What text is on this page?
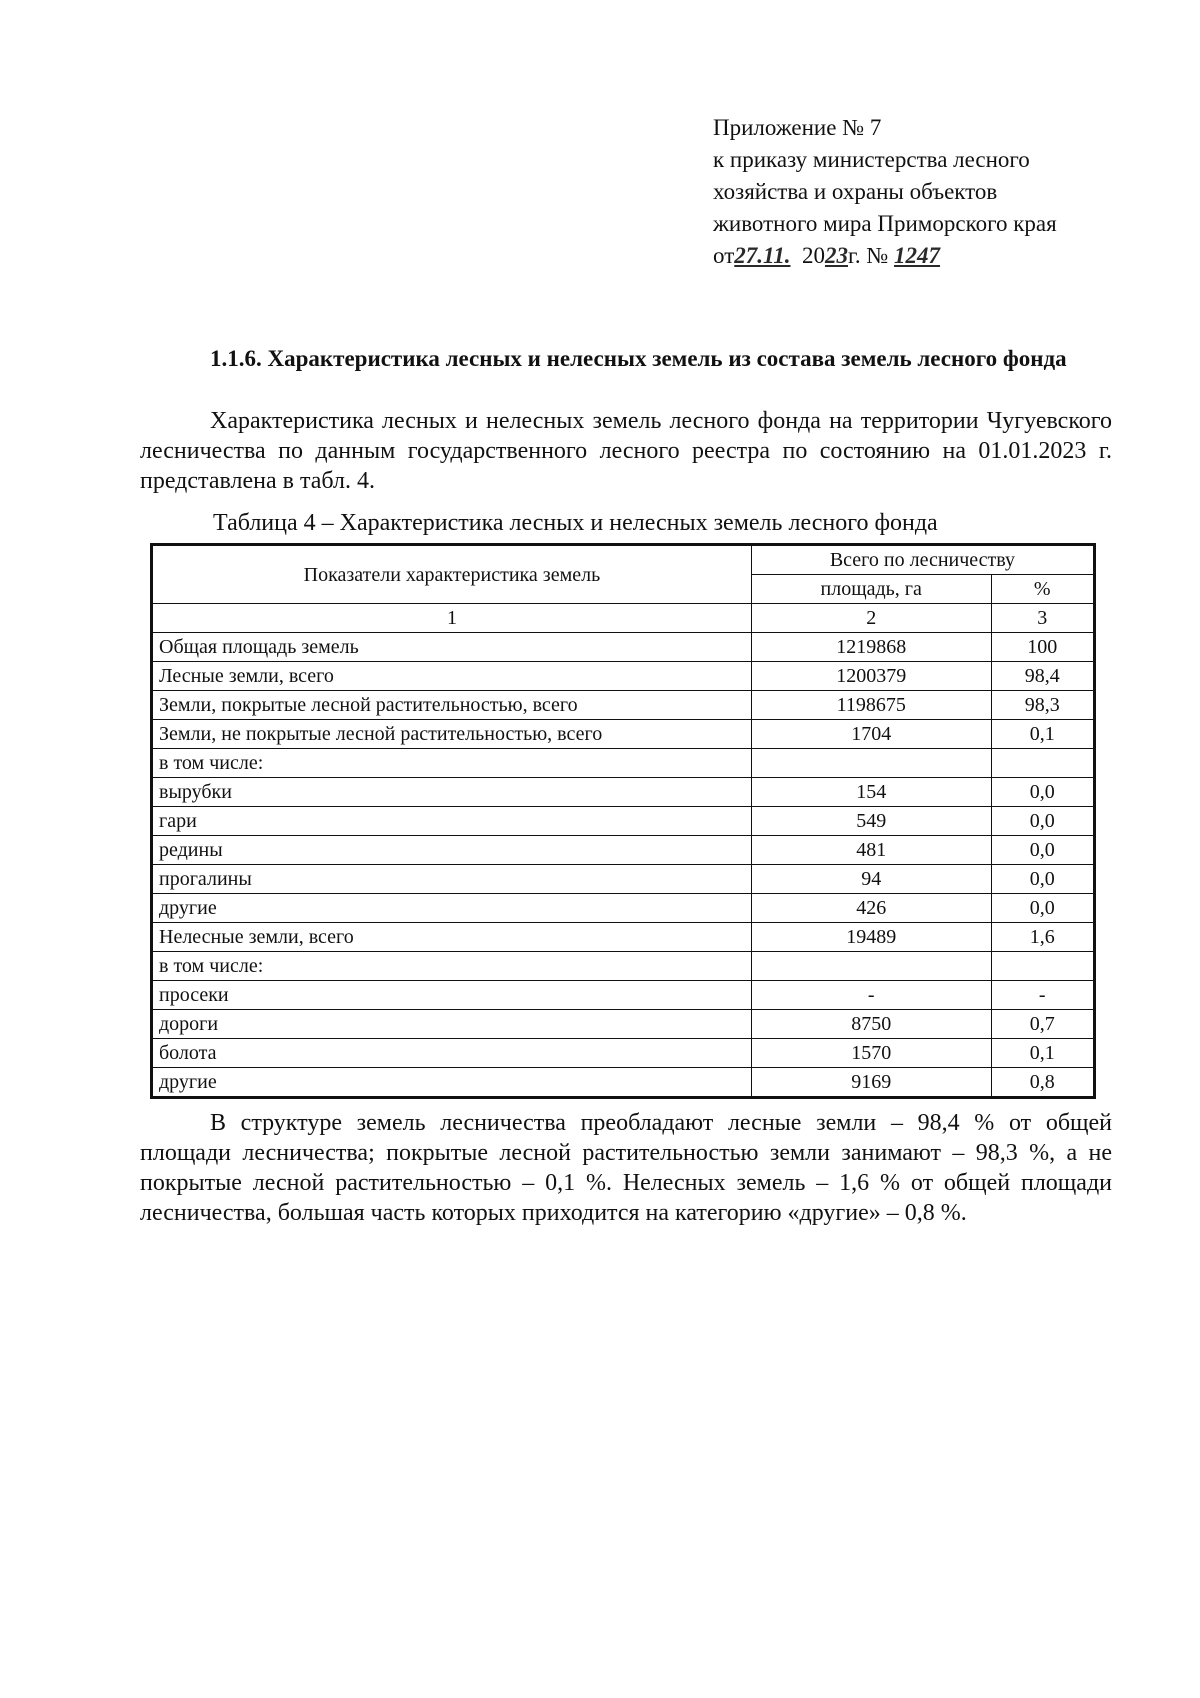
Приложение № 7
к приказу министерства лесного
хозяйства и охраны объектов
животного мира Приморского края
от27.11. 2023г. № 1247
1.1.6. Характеристика лесных и нелесных земель из состава земель лесного фонда
Характеристика лесных и нелесных земель лесного фонда на территории Чугуевского лесничества по данным государственного лесного реестра по состоянию на 01.01.2023 г. представлена в табл. 4.
Таблица 4 – Характеристика лесных и нелесных земель лесного фонда
Показатели характеристика земель	Всего по лесничеству	
	площадь, га	%
1	2	3
Общая площадь земель	1219868	100
Лесные земли, всего	1200379	98,4
Земли, покрытые лесной растительностью, всего	1198675	98,3
Земли, не покрытые лесной растительностью, всего	1704	0,1
в том числе:		
вырубки	154	0,0
гари	549	0,0
редины	481	0,0
прогалины	94	0,0
другие	426	0,0
Нелесные земли, всего	19489	1,6
в том числе:		
просеки	-	-
дороги	8750	0,7
болота	1570	0,1
другие	9169	0,8
В структуре земель лесничества преобладают лесные земли – 98,4 % от общей площади лесничества; покрытые лесной растительностью земли занимают – 98,3 %, а не покрытые лесной растительностью – 0,1 %. Нелесных земель – 1,6 % от общей площади лесничества, большая часть которых приходится на категорию «другие» – 0,8 %.
